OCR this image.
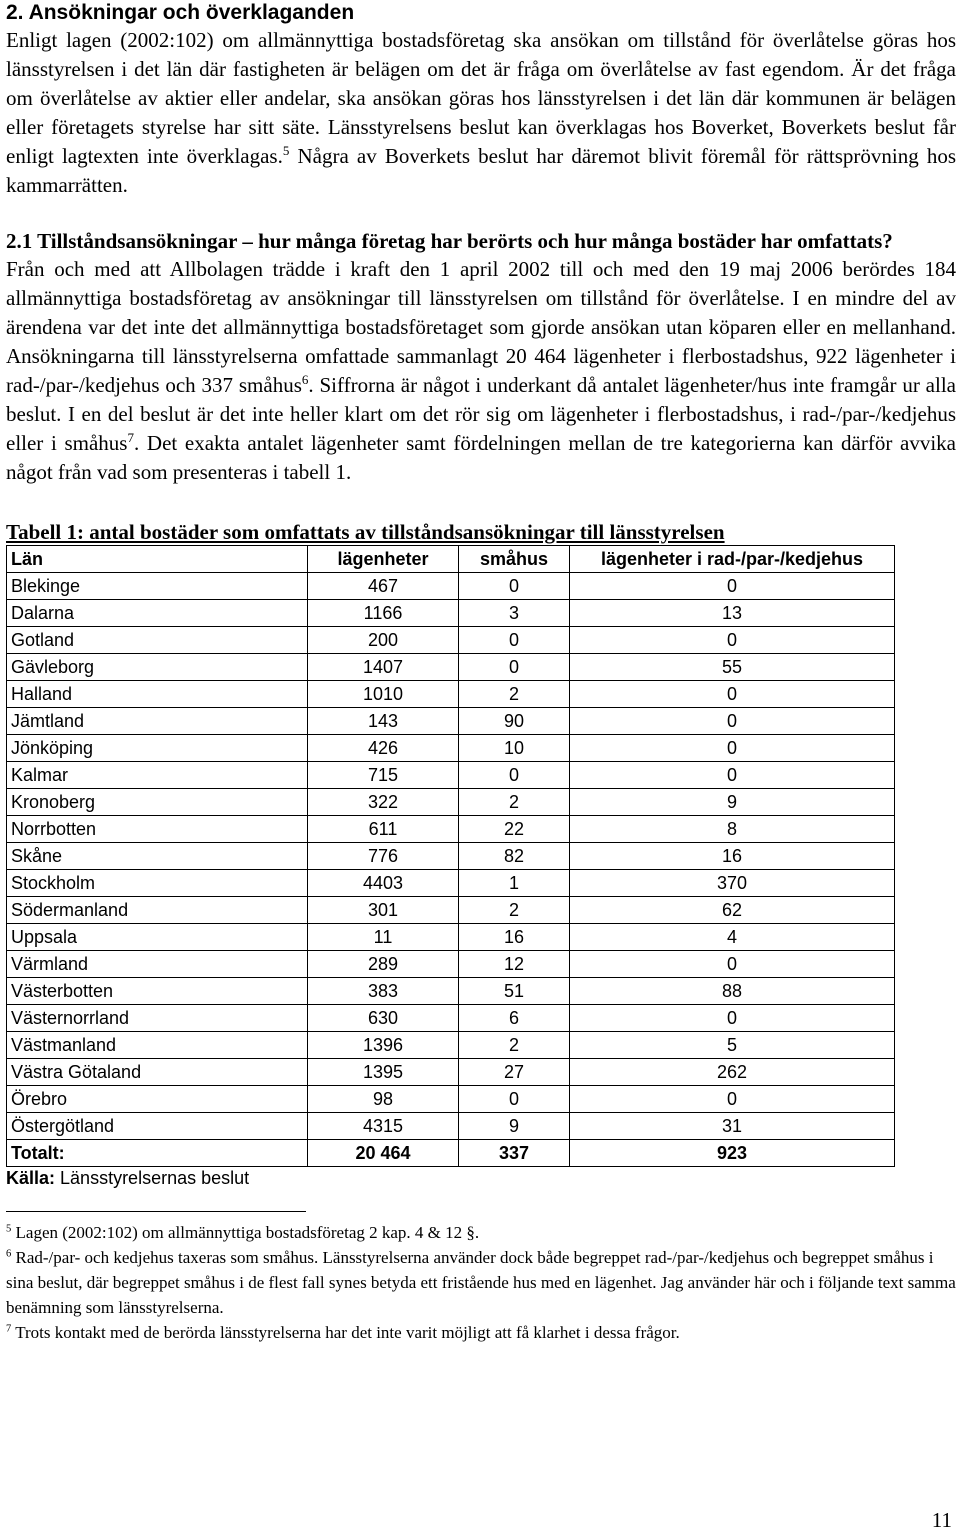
2. Ansökningar och överklaganden

Enligt lagen (2002:102) om allmännyttiga bostadsföretag ska ansökan om tillstånd för överlåtelse göras hos länsstyrelsen i det län där fastigheten är belägen om det är fråga om överlåtelse av fast egendom. Är det fråga om överlåtelse av aktier eller andelar, ska ansökan göras hos länsstyrelsen i det län där kommunen är belägen eller företagets styrelse har sitt säte. Länsstyrelsens beslut kan överklagas hos Boverket, Boverkets beslut får enligt lagtexten inte överklagas.$^5$ Några av Boverkets beslut har däremot blivit föremål för rättsprövning hos kammarrätten.

2.1 Tillståndsansökningar – hur många företag har berörts och hur många bostäder har omfattats?

Från och med att Allbolagen trädde i kraft den 1 april 2002 till och med den 19 maj 2006 berördes 184 allmännyttiga bostadsföretag av ansökningar till länsstyrelsen om tillstånd för överlåtelse. I en mindre del av ärendena var det inte det allmännyttiga bostadsföretaget som gjorde ansökan utan köparen eller en mellanhand. Ansökningarna till länsstyrelserna omfattade sammanlagt 20 464 lägenheter i flerbostadshus, 922 lägenheter i rad-/par-/kedjehus och 337 småhus$^6$. Siffrorna är något i underkant då antalet lägenheter/hus inte framgår ur alla beslut. I en del beslut är det inte heller klart om det rör sig om lägenheter i flerbostadshus, i rad-/par-/kedjehus eller i småhus$^7$. Det exakta antalet lägenheter samt fördelningen mellan de tre kategorierna kan därför avvika något från vad som presenteras i tabell 1.

Tabell 1: antal bostäder som omfattats av tillståndsansökningar till länsstyrelsen

Län	lägenheter	småhus	lägenheter i rad-/par-/kedjehus
Blekinge	467	0	0
Dalarna	1166	3	13
Gotland	200	0	0
Gävleborg	1407	0	55
Halland	1010	2	0
Jämtland	143	90	0
Jönköping	426	10	0
Kalmar	715	0	0
Kronoberg	322	2	9
Norrbotten	611	22	8
Skåne	776	82	16
Stockholm	4403	1	370
Södermanland	301	2	62
Uppsala	11	16	4
Värmland	289	12	0
Västerbotten	383	51	88
Västernorrland	630	6	0
Västmanland	1396	2	5
Västra Götaland	1395	27	262
Örebro	98	0	0
Östergötland	4315	9	31
Totalt:	20 464	337	923
Källa: Länsstyrelsernas beslut

$^5$ Lagen (2002:102) om allmännyttiga bostadsföretag 2 kap. 4 & 12 §.

$^6$ Rad-/par- och kedjehus taxeras som småhus. Länsstyrelserna använder dock både begreppet rad-/par-/kedjehus och begreppet småhus i sina beslut, där begreppet småhus i de flest fall synes betyda ett fristående hus med en lägenhet. Jag använder här och i följande text samma benämning som länsstyrelserna.

$^7$ Trots kontakt med de berörda länsstyrelserna har det inte varit möjligt att få klarhet i dessa frågor.

11
